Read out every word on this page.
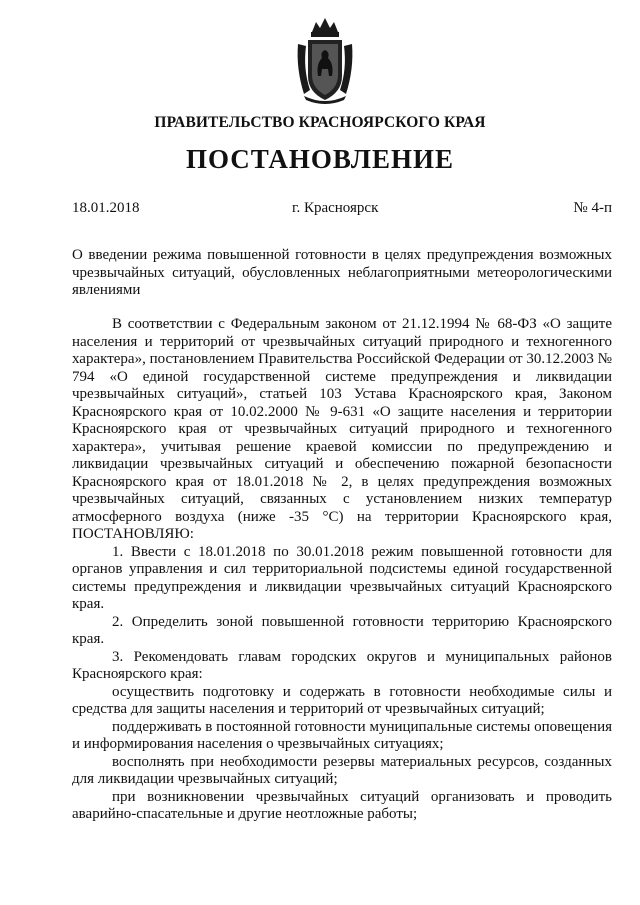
ПРАВИТЕЛЬСТВО КРАСНОЯРСКОГО КРАЯ
ПОСТАНОВЛЕНИЕ
18.01.2018	г. Красноярск	№ 4-п
О введении режима повышенной готовности в целях предупреждения возможных чрезвычайных ситуаций, обусловленных неблагоприятными метеорологическими явлениями

В соответствии с Федеральным законом от 21.12.1994 № 68-ФЗ «О защите населения и территорий от чрезвычайных ситуаций природного и техногенного характера», постановлением Правительства Российской Федерации от 30.12.2003 № 794 «О единой государственной системе предупреждения и ликвидации чрезвычайных ситуаций», статьей 103 Устава Красноярского края, Законом Красноярского края от 10.02.2000 № 9-631 «О защите населения и территории Красноярского края от чрезвычайных ситуаций природного и техногенного характера», учитывая решение краевой комиссии по предупреждению и ликвидации чрезвычайных ситуаций и обеспечению пожарной безопасности Красноярского края от 18.01.2018 № 2, в целях предупреждения возможных чрезвычайных ситуаций, связанных с установлением низких температур атмосферного воздуха (ниже -35 °С) на территории Красноярского края, ПОСТАНОВЛЯЮ:

1. Ввести с 18.01.2018 по 30.01.2018 режим повышенной готовности для органов управления и сил территориальной подсистемы единой государственной системы предупреждения и ликвидации чрезвычайных ситуаций Красноярского края.

2. Определить зоной повышенной готовности территорию Красноярского края.

3. Рекомендовать главам городских округов и муниципальных районов Красноярского края:

осуществить подготовку и содержать в готовности необходимые силы и средства для защиты населения и территорий от чрезвычайных ситуаций;

поддерживать в постоянной готовности муниципальные системы оповещения и информирования населения о чрезвычайных ситуациях;

восполнять при необходимости резервы материальных ресурсов, созданных для ликвидации чрезвычайных ситуаций;

при возникновении чрезвычайных ситуаций организовать и проводить аварийно-спасательные и другие неотложные работы;
